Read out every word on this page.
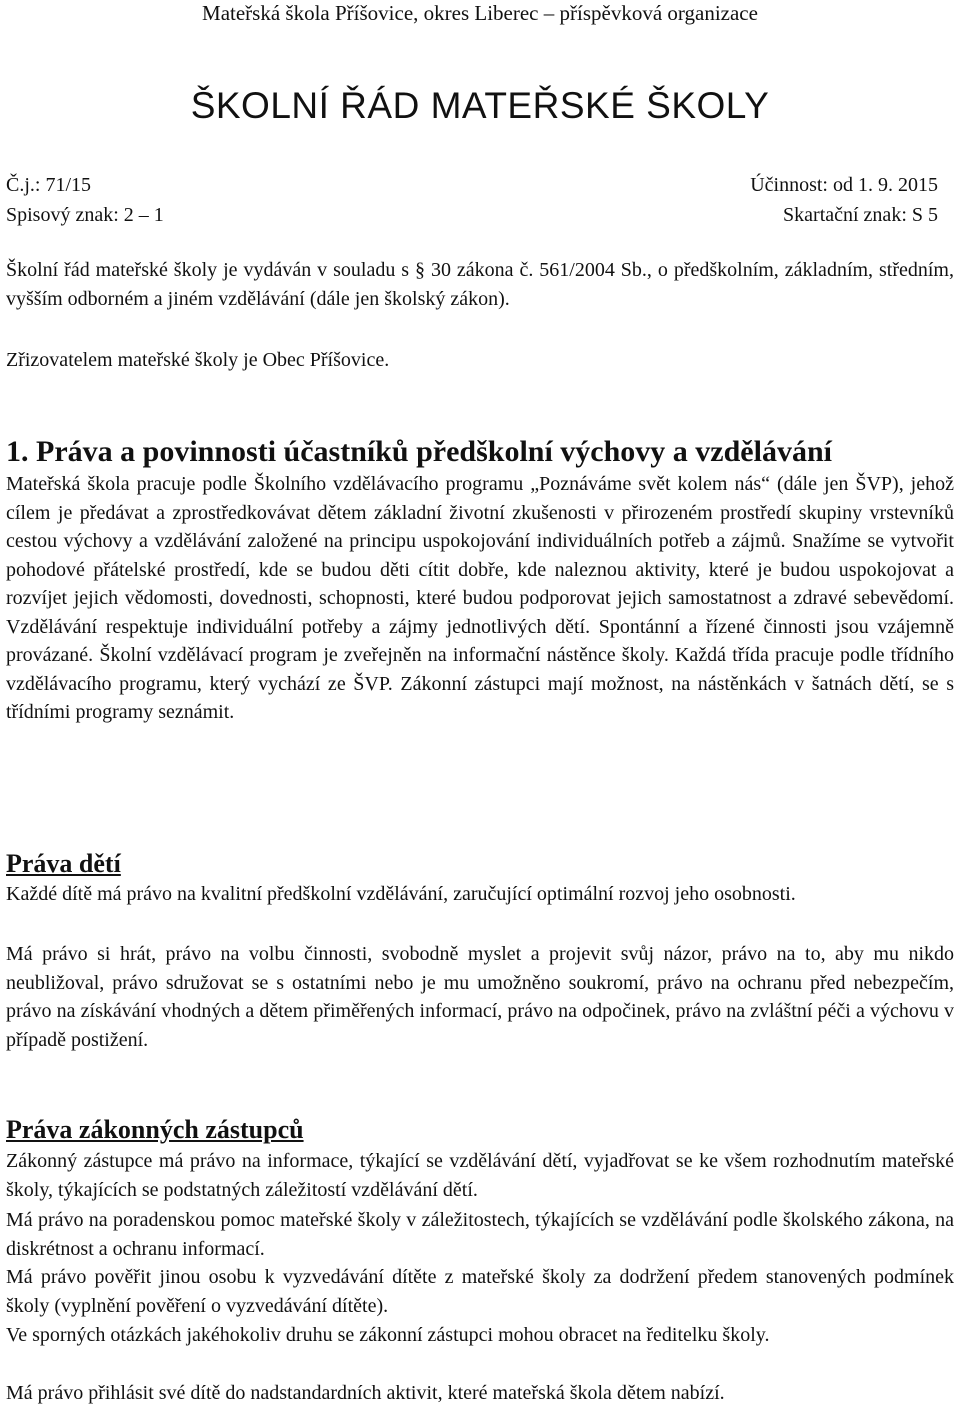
Mateřská škola Příšovice, okres Liberec – příspěvková organizace
ŠKOLNÍ ŘÁD MATEŘSKÉ ŠKOLY
Č.j.: 71/15	Účinnost: od 1. 9. 2015
Spisový znak: 2 – 1	Skartační znak: S 5

Školní řád mateřské školy je vydáván v souladu s § 30 zákona č. 561/2004 Sb., o předškolním, základním, středním, vyšším odborném a jiném vzdělávání (dále jen školský zákon).

Zřizovatelem mateřské školy je Obec Příšovice.

1. Práva a povinnosti účastníků předškolní výchovy a vzdělávání

Mateřská škola pracuje podle Školního vzdělávacího programu „Poznáváme svět kolem nás“ (dále jen ŠVP), jehož cílem je předávat a zprostředkovávat dětem základní životní zkušenosti v přirozeném prostředí skupiny vrstevníků cestou výchovy a vzdělávání založené na principu uspokojování individuálních potřeb a zájmů. Snažíme se vytvořit pohodové přátelské prostředí, kde se budou děti cítit dobře, kde naleznou aktivity, které je budou uspokojovat a rozvíjet jejich vědomosti, dovednosti, schopnosti, které budou podporovat jejich samostatnost a zdravé sebevědomí. Vzdělávání respektuje individuální potřeby a zájmy jednotlivých dětí. Spontánní a řízené činnosti jsou vzájemně provázané. Školní vzdělávací program je zveřejněn na informační nástěnce školy. Každá třída pracuje podle třídního vzdělávacího programu, který vychází ze ŠVP. Zákonní zástupci mají možnost, na nástěnkách v šatnách dětí, se s třídními programy seznámit.

Práva dětí

Každé dítě má právo na kvalitní předškolní vzdělávání, zaručující optimální rozvoj jeho osobnosti.

Má právo si hrát, právo na volbu činnosti, svobodně myslet a projevit svůj názor, právo na to, aby mu nikdo neubližoval, právo sdružovat se s ostatními nebo je mu umožněno soukromí, právo na ochranu před nebezpečím, právo na získávání vhodných a dětem přiměřených informací, právo na odpočinek, právo na zvláštní péči a výchovu v případě postižení.

Práva zákonných zástupců

Zákonný zástupce má právo na informace, týkající se vzdělávání dětí, vyjadřovat se ke všem rozhodnutím mateřské školy, týkajících se podstatných záležitostí vzdělávání dětí.

Má právo na poradenskou pomoc mateřské školy v záležitostech, týkajících se vzdělávání podle školského zákona, na diskrétnost a ochranu informací.

Má právo pověřit jinou osobu k vyzvedávání dítěte z mateřské školy za dodržení předem stanovených podmínek školy (vyplnění pověření o vyzvedávání dítěte).

Ve sporných otázkách jakéhokoliv druhu se zákonní zástupci mohou obracet na ředitelku školy.

Má právo přihlásit své dítě do nadstandardních aktivit, které mateřská škola dětem nabízí.
